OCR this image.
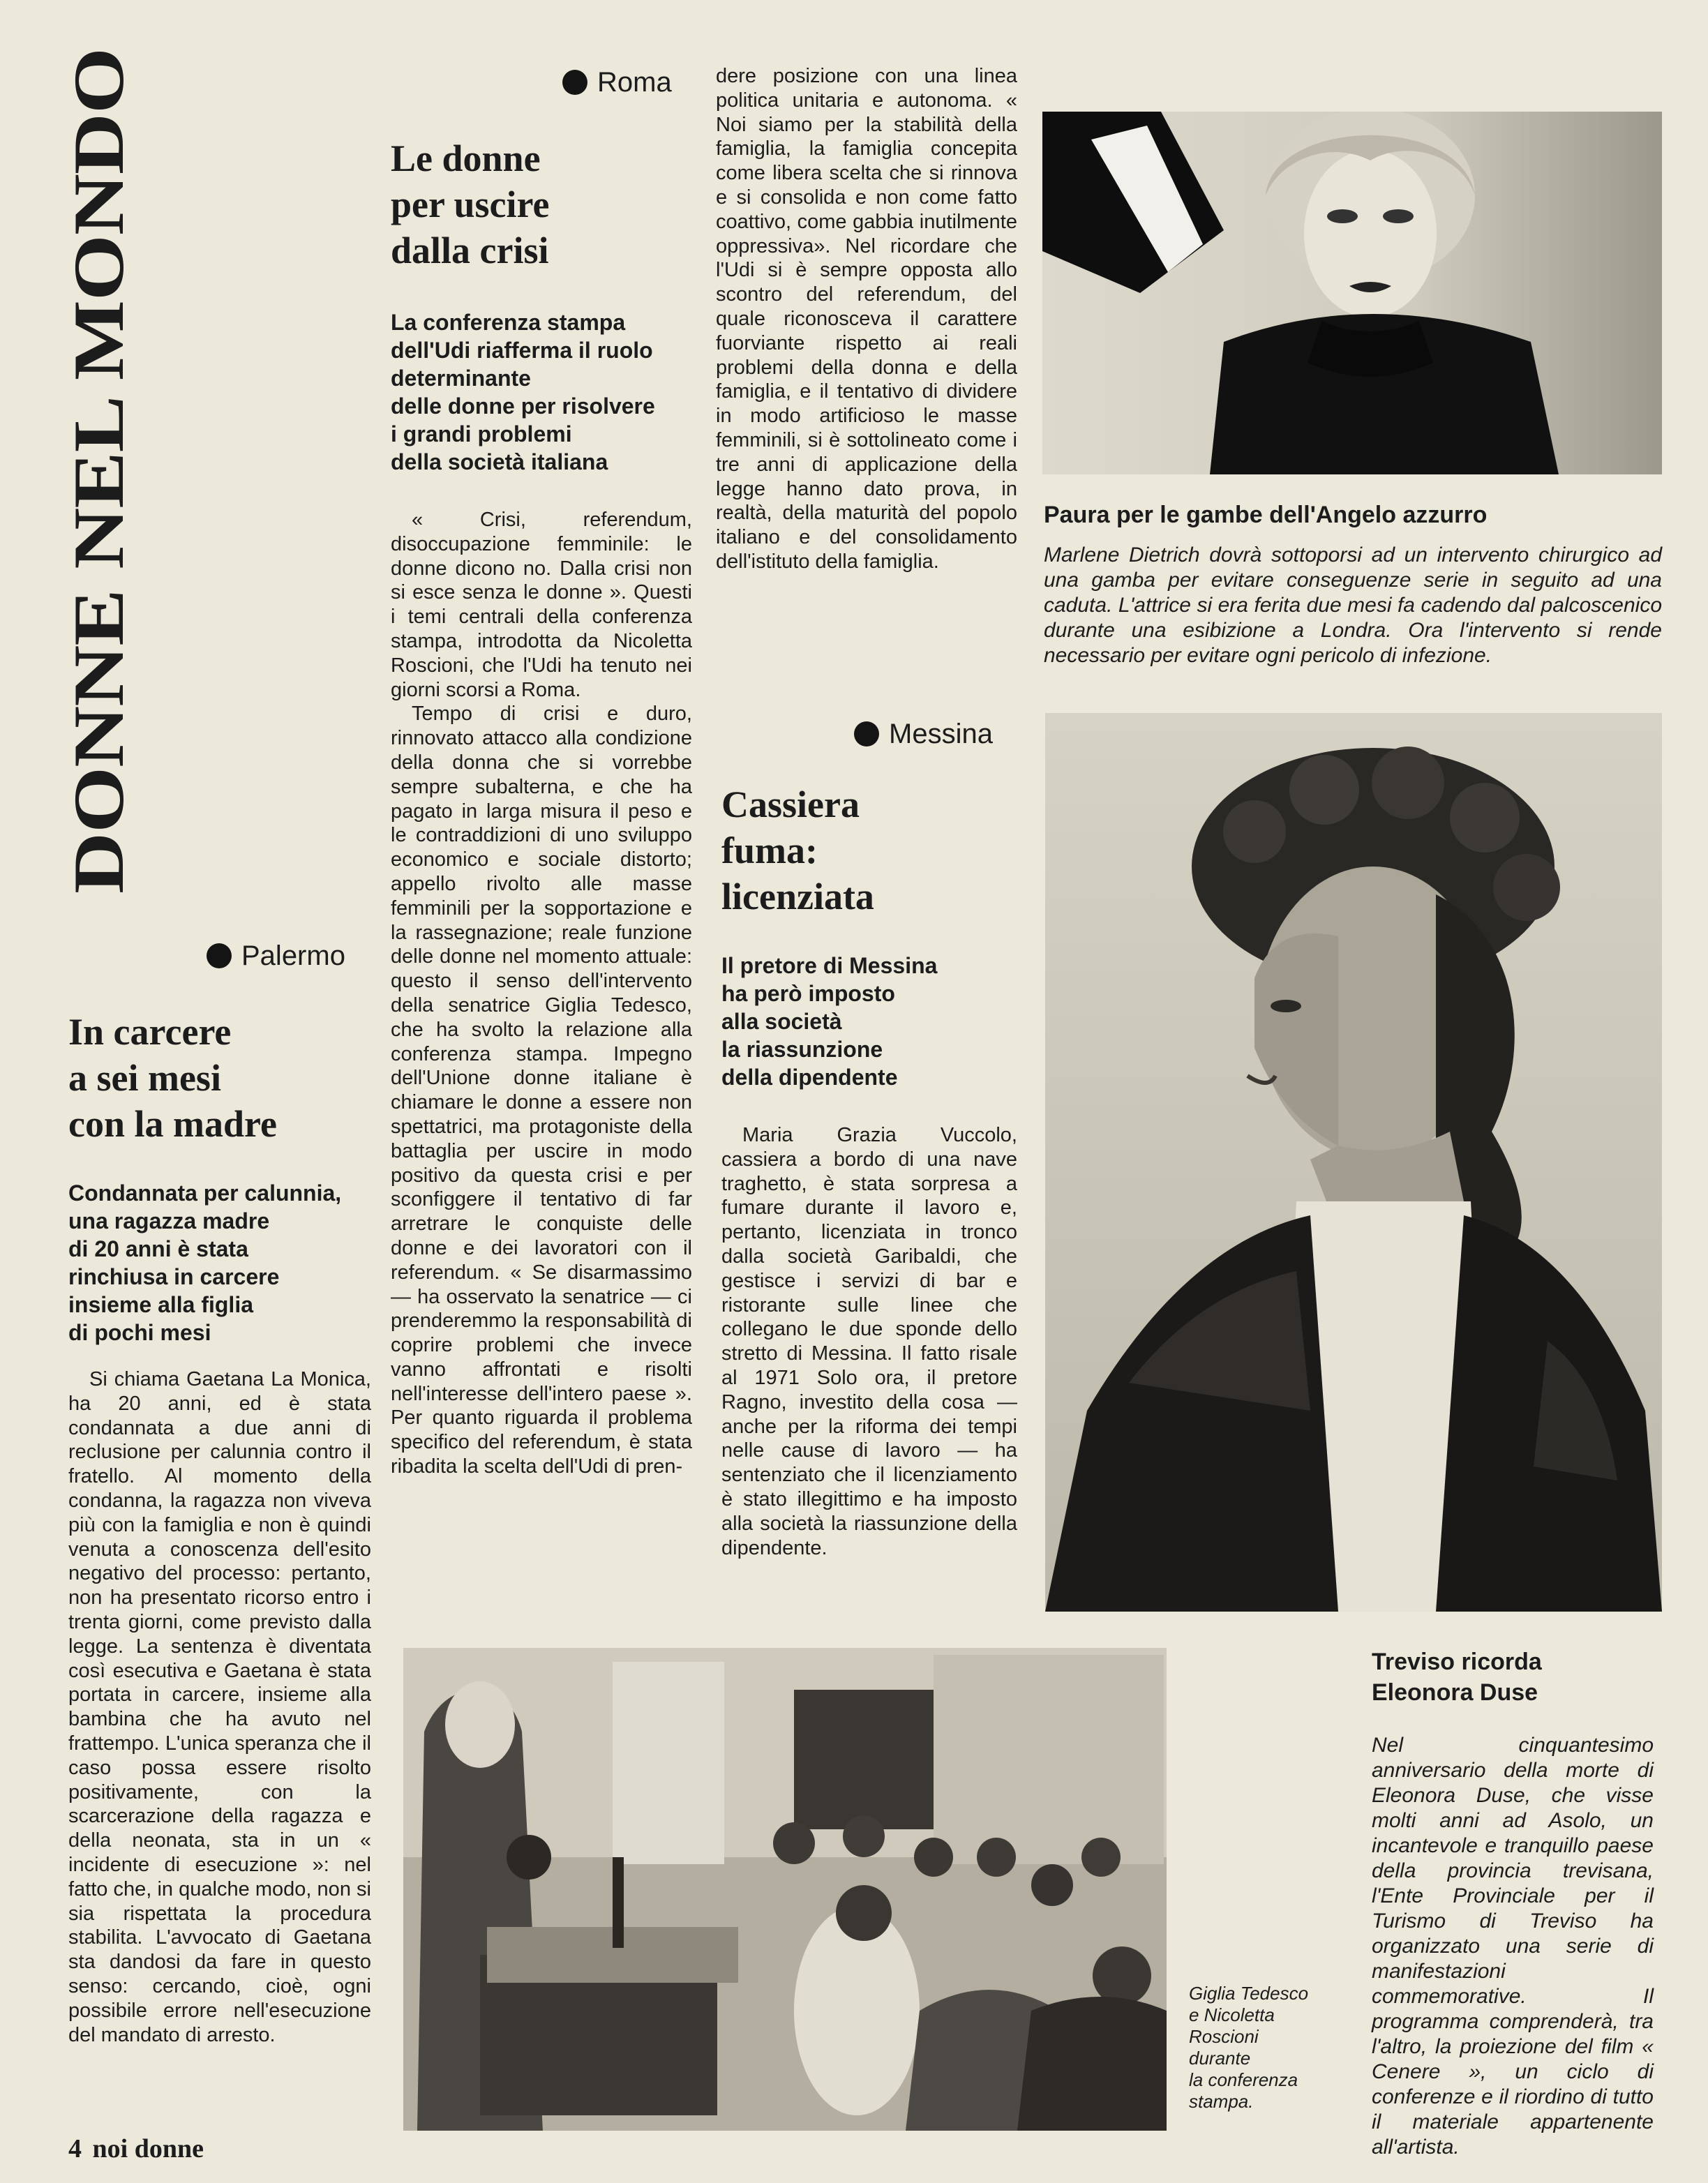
DONNE NEL MONDO
Palermo
In carcere
a sei mesi
con la madre
Condannata per calunnia,
una ragazza madre
di 20 anni è stata
rinchiusa in carcere
insieme alla figlia
di pochi mesi

Si chiama Gaetana La Monica, ha 20 anni, ed è stata condannata a due anni di reclusione per calunnia contro il fratello. Al momento della condanna, la ragazza non viveva più con la famiglia e non è quindi venuta a conoscenza dell'esito negativo del processo: pertanto, non ha presentato ricorso entro i trenta giorni, come previsto dalla legge. La sentenza è diventata così esecutiva e Gaetana è stata portata in carcere, insieme alla bambina che ha avuto nel frattempo. L'unica speranza che il caso possa essere risolto positivamente, con la scarcerazione della ragazza e della neonata, sta in un « incidente di esecuzione »: nel fatto che, in qualche modo, non si sia rispettata la procedura stabilita. L'avvocato di Gaetana sta dandosi da fare in questo senso: cercando, cioè, ogni possibile errore nell'esecuzione del mandato di arresto.

Roma
Le donne
per uscire
dalla crisi
La conferenza stampa
dell'Udi riafferma il ruolo
determinante
delle donne per risolvere
i grandi problemi
della società italiana

« Crisi, referendum, disoccupazione femminile: le donne dicono no. Dalla crisi non si esce senza le donne ». Questi i temi centrali della conferenza stampa, introdotta da Nicoletta Roscioni, che l'Udi ha tenuto nei giorni scorsi a Roma.

Tempo di crisi e duro, rinnovato attacco alla condizione della donna che si vorrebbe sempre subalterna, e che ha pagato in larga misura il peso e le contraddizioni di uno sviluppo economico e sociale distorto; appello rivolto alle masse femminili per la sopportazione e la rassegnazione; reale funzione delle donne nel momento attuale: questo il senso dell'intervento della senatrice Giglia Tedesco, che ha svolto la relazione alla conferenza stampa. Impegno dell'Unione donne italiane è chiamare le donne a essere non spettatrici, ma protagoniste della battaglia per uscire in modo positivo da questa crisi e per sconfiggere il tentativo di far arretrare le conquiste delle donne e dei lavoratori con il referendum. « Se disarmassimo — ha osservato la senatrice — ci prenderemmo la responsabilità di coprire problemi che invece vanno affrontati e risolti nell'interesse dell'intero paese ». Per quanto riguarda il problema specifico del referendum, è stata ribadita la scelta dell'Udi di pren-

dere posizione con una linea politica unitaria e autonoma. « Noi siamo per la stabilità della famiglia, la famiglia concepita come libera scelta che si rinnova e si consolida e non come fatto coattivo, come gabbia inutilmente oppressiva». Nel ricordare che l'Udi si è sempre opposta allo scontro del referendum, del quale riconosceva il carattere fuorviante rispetto ai reali problemi della donna e della famiglia, e il tentativo di dividere in modo artificioso le masse femminili, si è sottolineato come i tre anni di applicazione della legge hanno dato prova, in realtà, della maturità del popolo italiano e del consolidamento dell'istituto della famiglia.

Messina
Cassiera
fuma:
licenziata
Il pretore di Messina
ha però imposto
alla società
la riassunzione
della dipendente

Maria Grazia Vuccolo, cassiera a bordo di una nave traghetto, è stata sorpresa a fumare durante il lavoro e, pertanto, licenziata in tronco dalla società Garibaldi, che gestisce i servizi di bar e ristorante sulle linee che collegano le due sponde dello stretto di Messina. Il fatto risale al 1971 Solo ora, il pretore Ragno, investito della cosa — anche per la riforma dei tempi nelle cause di lavoro — ha sentenziato che il licenziamento è stato illegittimo e ha imposto alla società la riassunzione della dipendente.

Paura per le gambe dell'Angelo azzurro
Marlene Dietrich dovrà sottoporsi ad un intervento chirurgico ad una gamba per evitare conseguenze serie in seguito ad una caduta. L'attrice si era ferita due mesi fa cadendo dal palcoscenico durante una esibizione a Londra. Ora l'intervento si rende necessario per evitare ogni pericolo di infezione.
Treviso ricorda
Eleonora Duse
Nel cinquantesimo anniversario della morte di Eleonora Duse, che visse molti anni ad Asolo, un incantevole e tranquillo paese della provincia trevisana, l'Ente Provinciale per il Turismo di Treviso ha organizzato una serie di manifestazioni commemorative. Il programma comprenderà, tra l'altro, la proiezione del film « Cenere », un ciclo di conferenze e il riordino di tutto il materiale appartenente all'artista.
Giglia Tedesco
e Nicoletta
Roscioni
durante
la conferenza
stampa.
4 noi donne
